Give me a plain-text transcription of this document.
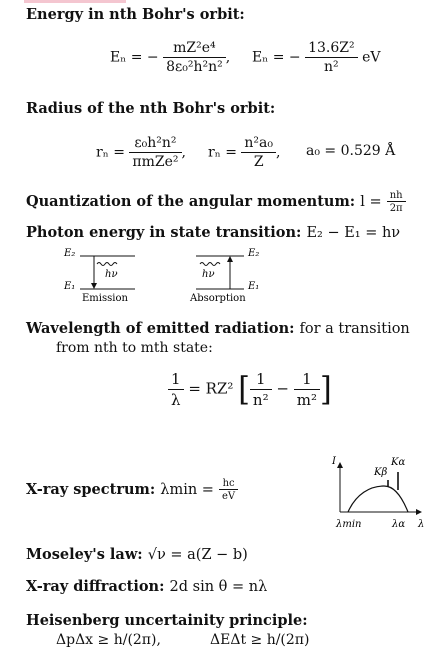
Energy in nth Bohr's orbit:
Eₙ = − $\frac{\text{mZ²e⁴}}{\text{8ε₀²h²n²}}$ , Eₙ = − $\frac{\text{13.6Z²}}{\text{n²}}$ eV
Radius of the nth Bohr's orbit:
$r_n = \frac{\text{ε₀h²n²}}{\text{πmZe²}}$ , $r_n = \frac{\text{n²a₀}}{Z}$ , a₀ = 0.529 Å
Quantization of the angular momentum: $l = \frac{nh}{2\pi}$
Photon energy in state transition: E₂ − E₁ = hν
E₂
E₁
hν
Emission
E₂
E₁
hν
Absorption
Wavelength of emitted radiation: for a transition
from nth to mth state:
$\frac{1}{\lambda} = RZ^2$ [ $\frac{1}{\text{n²}} - \frac{1}{\text{m²}}$ ]
X-ray spectrum: $\lambda\min = \frac{hc}{eV}$
I	Kα
Kβ
λmin	λα λ
Moseley's law: √ν = a(Z − b)
X-ray diffraction: 2d sin θ = nλ
Heisenberg uncertainity principle:
ΔpΔx ≥ h/(2π),	ΔEΔt ≥ h/(2π)
